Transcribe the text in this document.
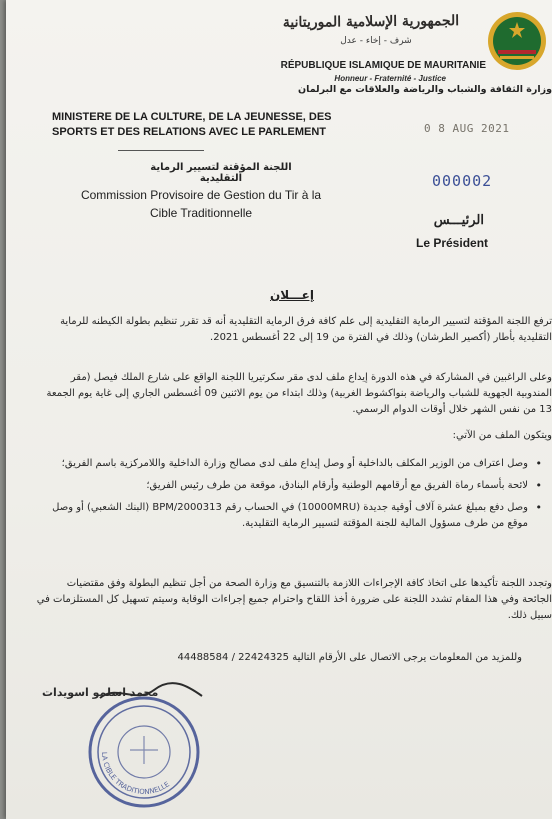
الجمهورية الإسلامية الموريتانية
شرف - إخاء - عدل
RÉPUBLIQUE ISLAMIQUE DE MAURITANIE
Honneur - Fraternité - Justice
وزارة الثقافة والشباب والرياضة والعلاقات مع البرلمان
MINISTERE DE LA CULTURE, DE LA JEUNESSE, DES SPORTS ET DES RELATIONS AVEC LE PARLEMENT	0 8 AUG 2021
اللجنة المؤقتة لتسيير الرماية التقليدية
Commission Provisoire de Gestion du Tir à la Cible Traditionnelle
000002
الرئيـــس
Le Président
إعـــلان
ترفع اللجنة المؤقتة لتسيير الرماية التقليدية إلى علم كافة فرق الرماية التقليدية أنه قد تقرر تنظيم بطولة الكيطنه للرماية التقليدية بأطار (أكصير الطرشان) وذلك في الفترة من 19 إلى 22 أغسطس 2021.
وعلى الراغبين في المشاركة في هذه الدورة إيداع ملف لدى مقر سكرتيريا اللجنة الواقع على شارع الملك فيصل (مقر المندوبية الجهوية للشباب والرياضة بنواكشوط الغربية) وذلك ابتداء من يوم الاثنين 09 أغسطس الجاري إلى غاية يوم الجمعة 13 من نفس الشهر خلال أوقات الدوام الرسمي.
ويتكون الملف من الآتي:
• وصل اعتراف من الوزير المكلف بالداخلية أو وصل إيداع ملف لدى مصالح وزارة الداخلية واللامركزية باسم الفريق؛
• لائحة بأسماء رماة الفريق مع أرقامهم الوطنية وأرقام البنادق، موقعة من طرف رئيس الفريق؛
• وصل دفع بمبلغ عشرة آلاف أوقية جديدة (10000MRU) في الحساب رقم BPM/2000313 (البنك الشعبي) أو وصل موقع من طرف مسؤول المالية للجنة المؤقتة لتسيير الرماية التقليدية.
وتجدد اللجنة تأكيدها على اتخاذ كافة الإجراءات اللازمة بالتنسيق مع وزارة الصحة من أجل تنظيم البطولة وفق مقتضيات الجائحة وفي هذا المقام تشدد اللجنة على ضرورة أخذ اللقاح واحترام جميع إجراءات الوقاية وسيتم تسهيل كل المستلزمات في سبيل ذلك.
وللمزيد من المعلومات يرجى الاتصال على الأرقام التالية 22424325 / 44488584
محمد اسلمو اسويدات
LA CIBLE TRADITIONNELLE
